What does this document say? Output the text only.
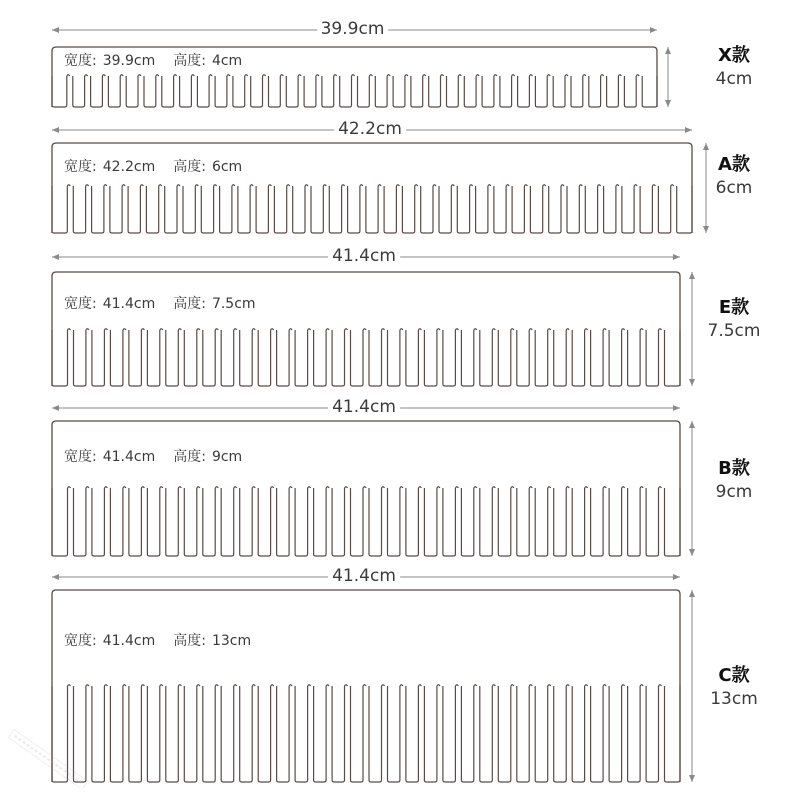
39.9cm
宽度: 39.9cm 高度: 4cm	X款
4cm
42.2cm
宽度: 42.2cm 高度: 6cm	A款
6cm
41.4cm
宽度: 41.4cm 高度: 7.5cm	E款
7.5cm
41.4cm
宽度: 41.4cm 高度: 9cm
B款
9cm
41.4cm
宽度: 41.4cm 高度: 13cm
C款
13cm
